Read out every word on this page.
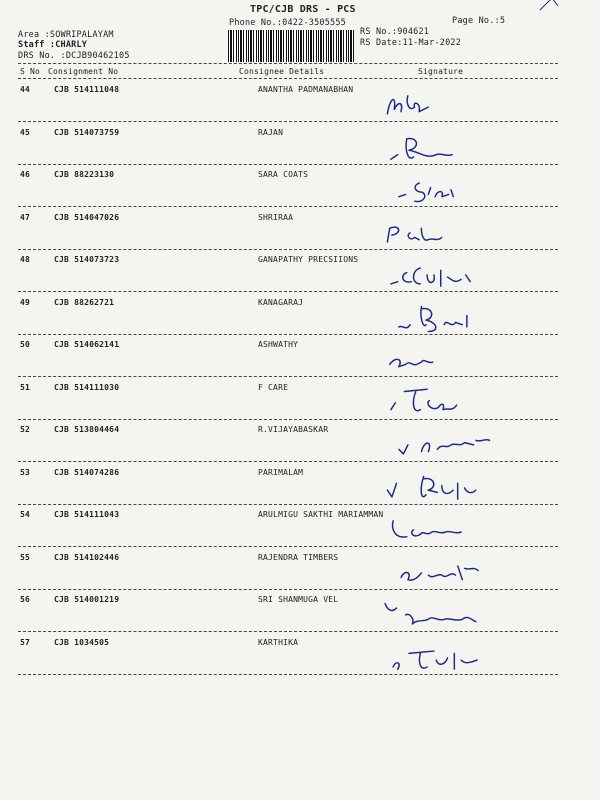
TPC/CJB DRS - PCS
Phone No.:0422-3505555	Page No.:5
Area :SOWRIPALAYAM
Staff :CHARLY
DRS No. :DCJB90462105
RS No.:904621
RS Date:11-Mar-2022
S No Consignment No	Consignee Details	Signature
44	CJB 514111048	ANANTHA PADMANABHAN
45	CJB 514073759	RAJAN
46	CJB 88223130	SARA COATS
47	CJB 514047026	SHRIRAA
48	CJB 514073723	GANAPATHY PRECSIIONS
49	CJB 88262721	KANAGARAJ
50	CJB 514062141	ASHWATHY
51	CJB 514111030	F CARE
52	CJB 513804464	R.VIJAYABASKAR
53	CJB 514074286	PARIMALAM
54	CJB 514111043	ARULMIGU SAKTHI MARIAMMAN
55	CJB 514102446	RAJENDRA TIMBERS
56	CJB 514001219	SRI SHANMUGA VEL
57	CJB 1034505	KARTHIKA
